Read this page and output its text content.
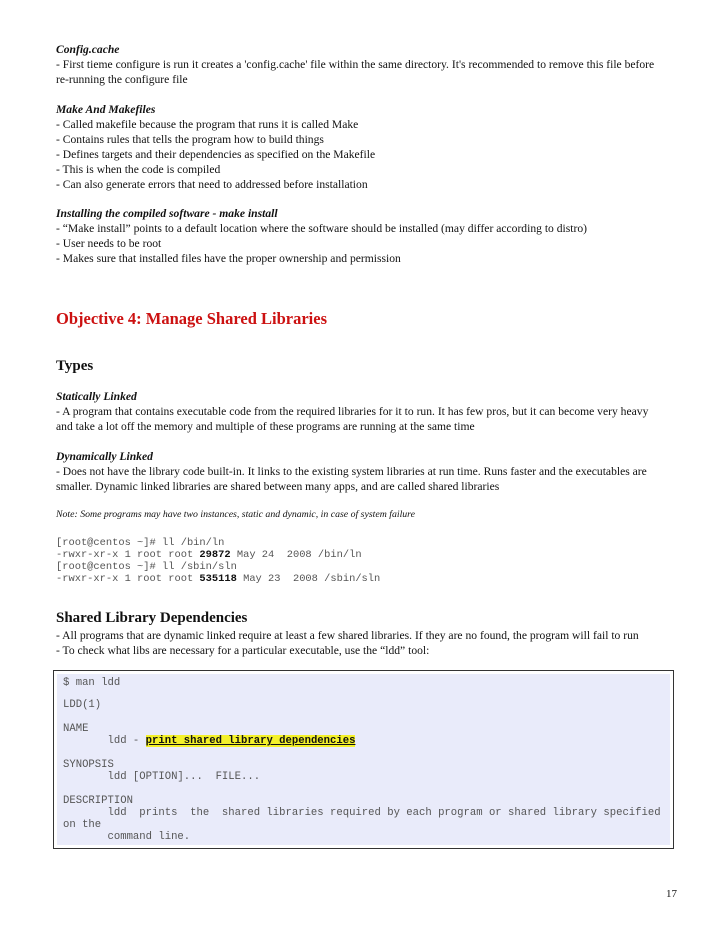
Config.cache

- First tieme configure is run it creates a 'config.cache' file within the same directory. It's recommended to remove this file before

re-running the configure file

Make And Makefiles

- Called makefile because the program that runs it is called Make

- Contains rules that tells the program how to build things

- Defines targets and their dependencies as specified on the Makefile

- This is when the code is compiled

- Can also generate errors that need to addressed before installation

Installing the compiled software - make install

- “Make install” points to a default location where the software should be installed (may differ according to distro)

- User needs to be root

- Makes sure that installed files have the proper ownership and permission

Objective 4: Manage Shared Libraries

Types

Statically Linked

- A program that contains executable code from the required libraries for it to run. It has few pros, but it can become very heavy

and take a lot off the memory and multiple of these programs are running at the same time

Dynamically Linked

- Does not have the library code built-in. It links to the existing system libraries at run time. Runs faster and the executables are

smaller. Dynamic linked libraries are shared between many apps, and are called shared libraries

Note: Some programs may have two instances, static and dynamic, in case of system failure

[root@centos ~]# ll /bin/ln

-rwxr-xr-x 1 root root 29872 May 24  2008 /bin/ln

[root@centos ~]# ll /sbin/sln

-rwxr-xr-x 1 root root 535118 May 23  2008 /sbin/sln

Shared Library Dependencies

- All programs that are dynamic linked require at least a few shared libraries. If they are no found, the program will fail to run

- To check what libs are necessary for a particular executable, use the “ldd” tool:

$ man ldd

LDD(1)

NAME

ldd - print shared library dependencies

SYNOPSIS

ldd [OPTION]...  FILE...

DESCRIPTION

ldd  prints  the  shared libraries required by each program or shared library specified

on the

command line.

17
